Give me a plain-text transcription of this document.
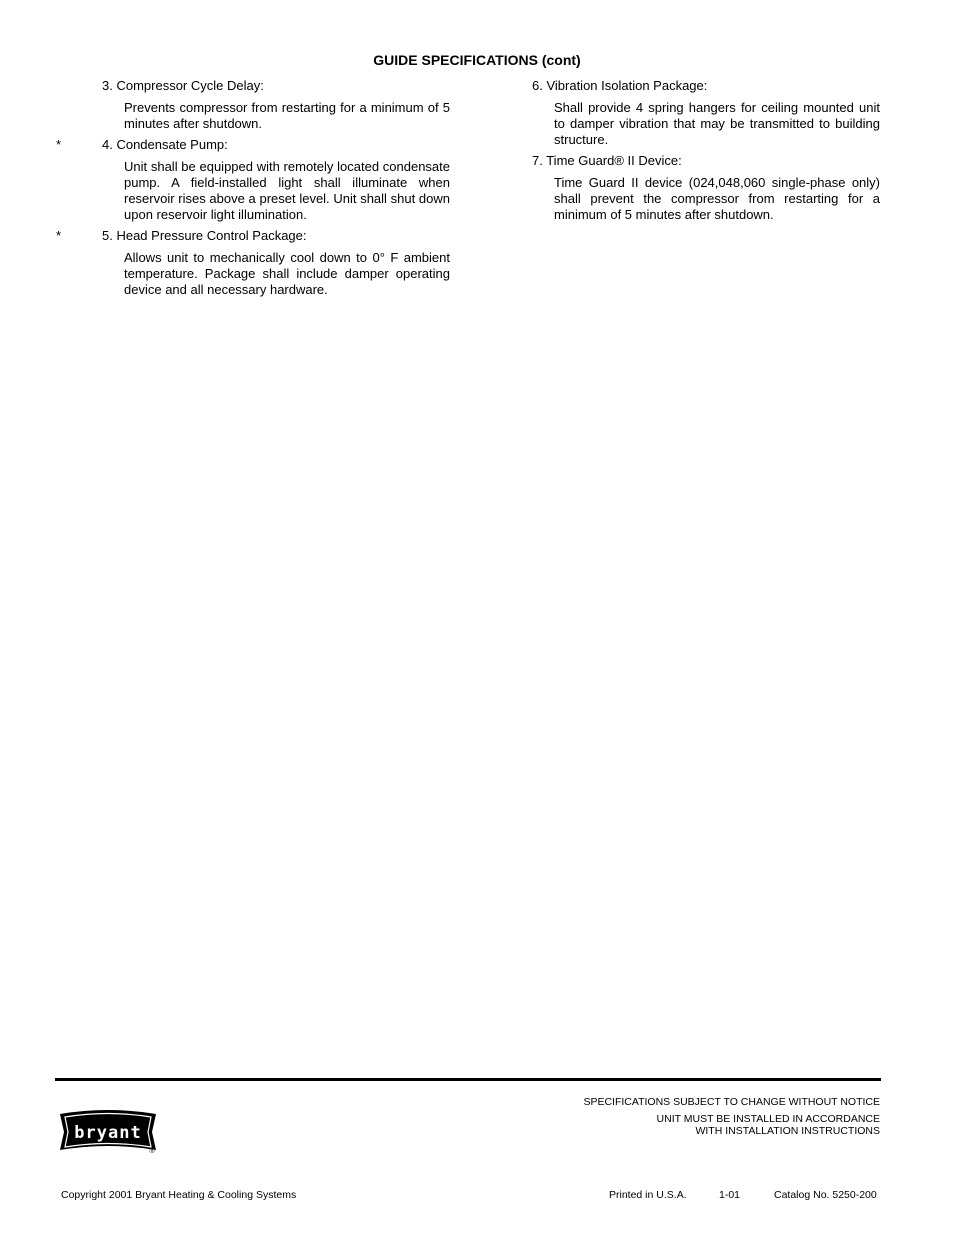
GUIDE SPECIFICATIONS (cont)
3. Compressor Cycle Delay:
Prevents compressor from restarting for a minimum of 5 minutes after shutdown.
*	4. Condensate Pump:
Unit shall be equipped with remotely located condensate pump. A field-installed light shall illuminate when reservoir rises above a preset level. Unit shall shut down upon reservoir light illumination.
*	5. Head Pressure Control Package:
Allows unit to mechanically cool down to 0° F ambient temperature. Package shall include damper operating device and all necessary hardware.
6. Vibration Isolation Package:
Shall provide 4 spring hangers for ceiling mounted unit to damper vibration that may be transmitted to building structure.
7. Time Guard® II Device:
Time Guard II device (024,048,060 single-phase only) shall prevent the compressor from restarting for a minimum of 5 minutes after shutdown.
bryant
®
SPECIFICATIONS SUBJECT TO CHANGE WITHOUT NOTICE
UNIT MUST BE INSTALLED IN ACCORDANCE
WITH INSTALLATION INSTRUCTIONS
Copyright 2001 Bryant Heating & Cooling Systems	Printed in U.S.A.	1-01	Catalog No. 5250-200
